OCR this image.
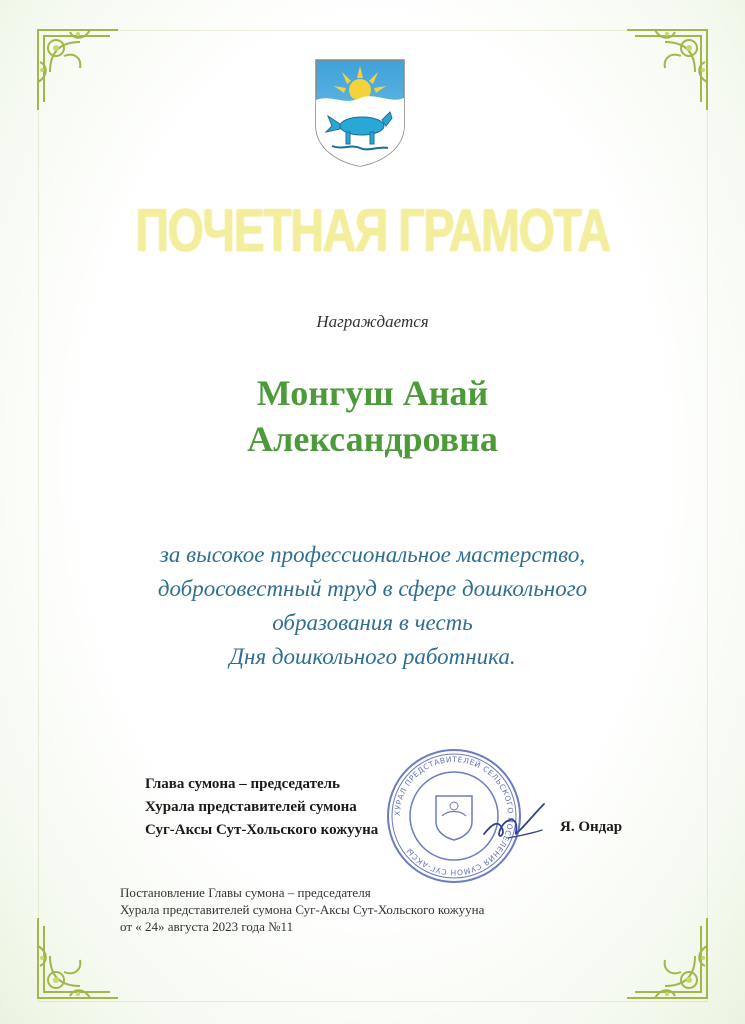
ПОЧЕТНАЯ ГРАМОТА
Награждается
Монгуш Анай
Александровна
за высокое профессиональное мастерство,
добросовестный труд в сфере дошкольного
образования в честь
Дня дошкольного работника.
ХУРАЛ ПРЕДСТАВИТЕЛЕЙ СЕЛЬСКОГО ПОСЕЛЕНИЯ СУМОН СУГ-АКСЫ
Глава сумона – председатель
Хурала представителей сумона
Суг-Аксы Сут-Хольского кожууна	Я. Ондар
Постановление Главы сумона – председателя
Хурала представителей сумона Суг-Аксы Сут-Хольского кожууна
от « 24» августа 2023 года №11
